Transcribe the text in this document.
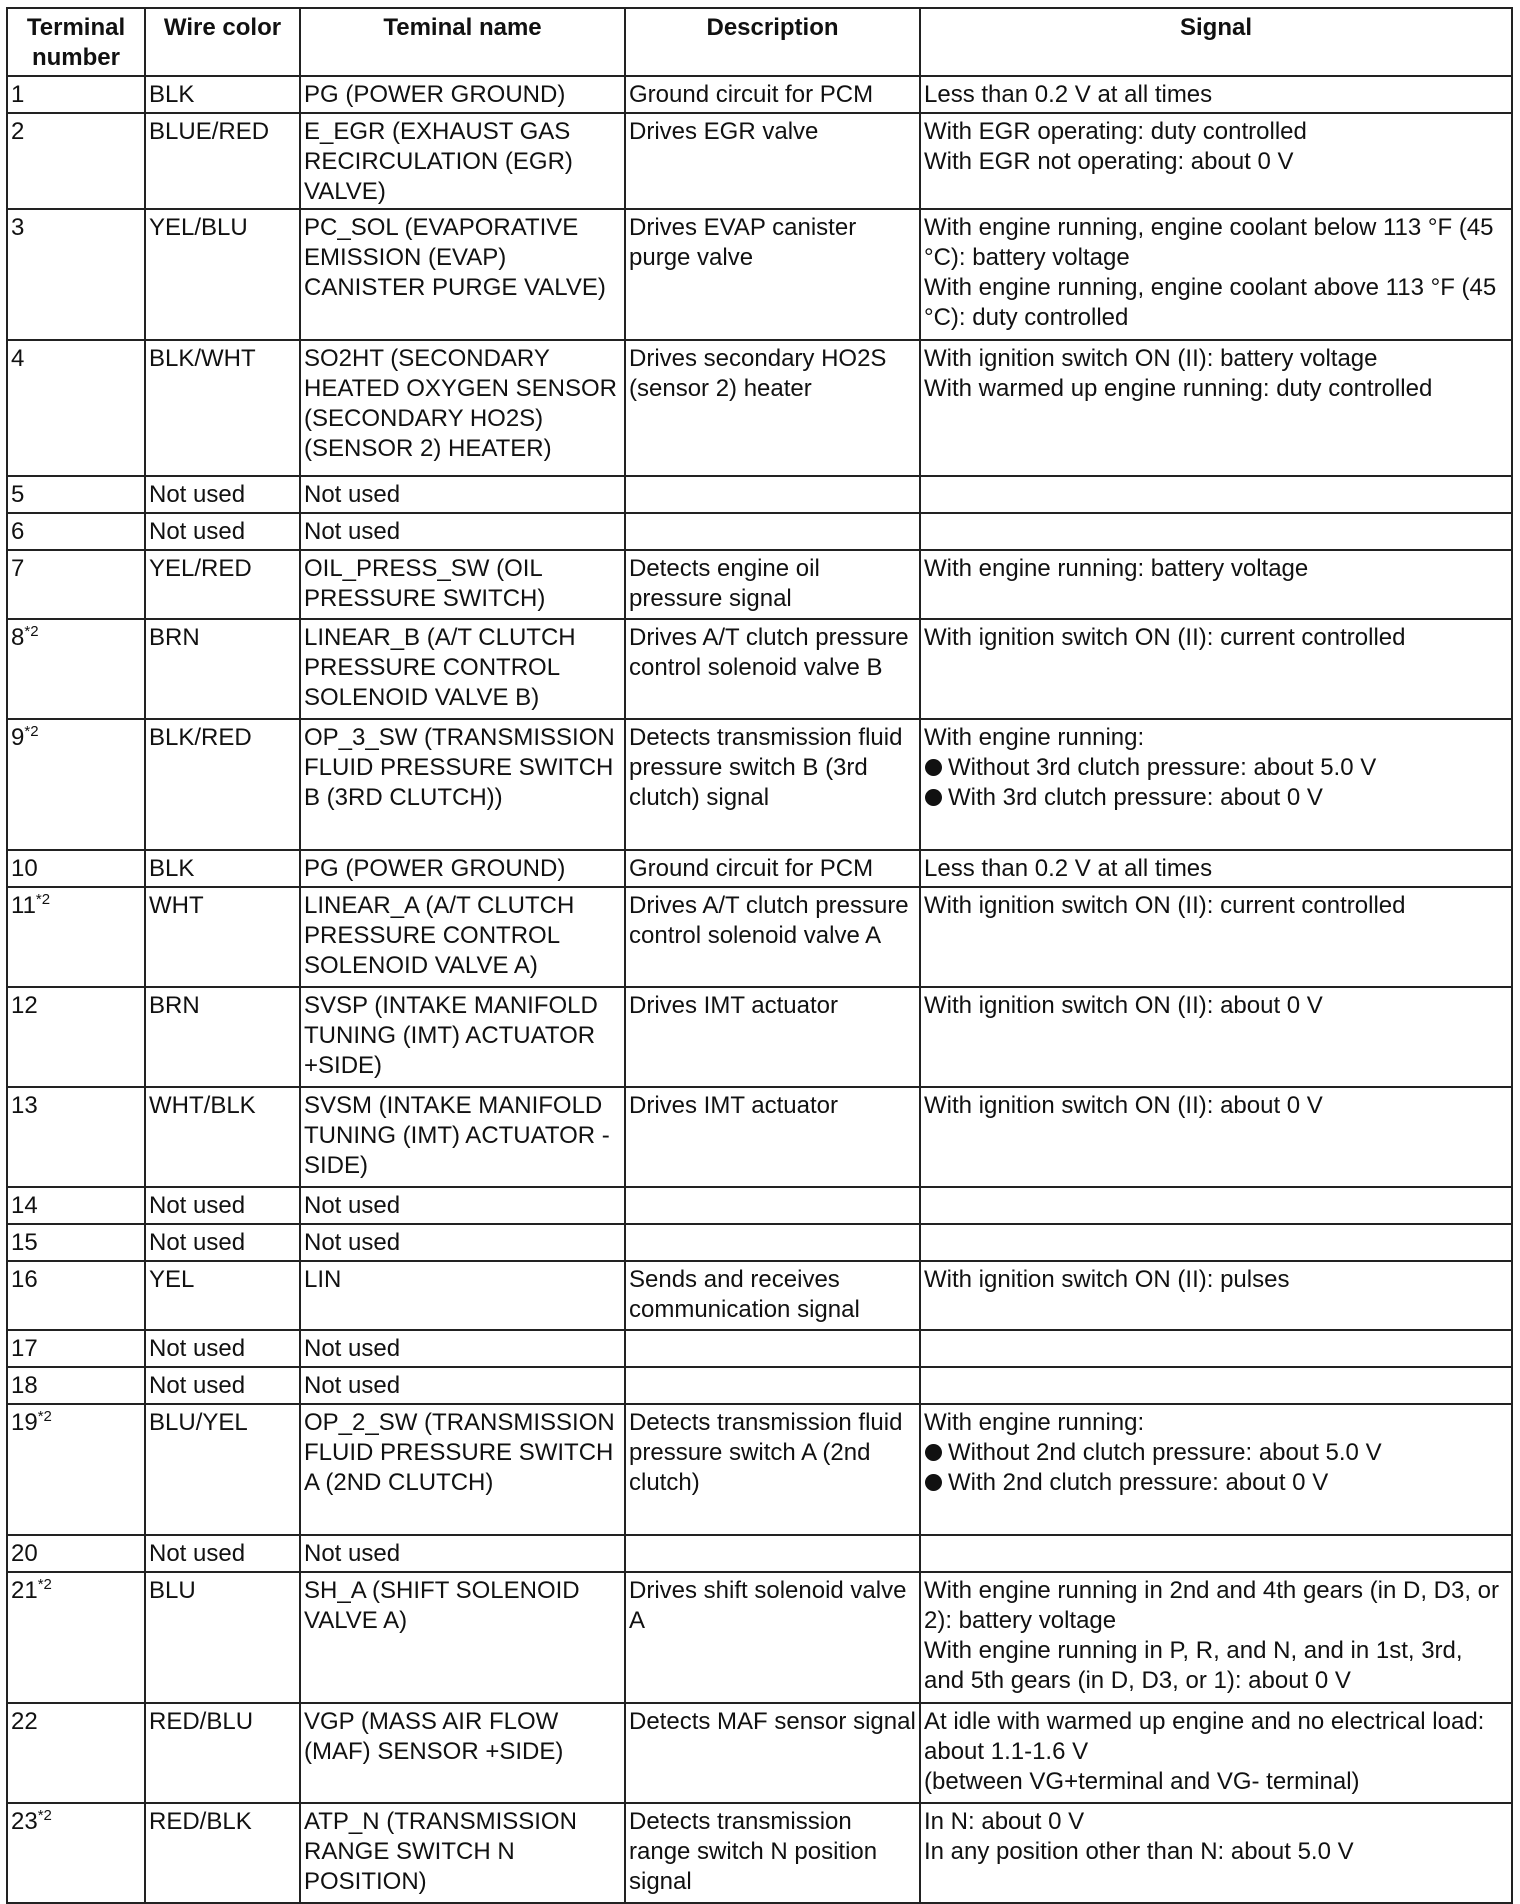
Terminal number	Wire color	Teminal name	Description	Signal
1	BLK	PG (POWER GROUND)	Ground circuit for PCM	Less than 0.2 V at all times

2	BLUE/RED	E_EGR (EXHAUST GAS RECIRCULATION (EGR) VALVE)	Drives EGR valve	With EGR operating: duty controlled
With EGR not operating: about 0 V

3	YEL/BLU	PC_SOL (EVAPORATIVE EMISSION (EVAP) CANISTER PURGE VALVE)	Drives EVAP canister purge valve	With engine running, engine coolant below 113 °F (45 °C): battery voltage
With engine running, engine coolant above 113 °F (45 °C): duty controlled

4	BLK/WHT	SO2HT (SECONDARY HEATED OXYGEN SENSOR (SECONDARY HO2S) (SENSOR 2) HEATER)	Drives secondary HO2S (sensor 2) heater	With ignition switch ON (II): battery voltage
With warmed up engine running: duty controlled

5	Not used	Not used		
6	Not used	Not used		
7	YEL/RED	OIL_PRESS_SW (OIL PRESSURE SWITCH)	Detects engine oil pressure signal	With engine running: battery voltage

8$^{*2}$	BRN	LINEAR_B (A/T CLUTCH PRESSURE CONTROL SOLENOID VALVE B)	Drives A/T clutch pressure control solenoid valve B	With ignition switch ON (II): current controlled

9$^{*2}$	BLK/RED	OP_3_SW (TRANSMISSION FLUID PRESSURE SWITCH B (3RD CLUTCH))	Detects transmission fluid pressure switch B (3rd clutch) signal	With engine running:
Without 3rd clutch pressure: about 5.0 V
With 3rd clutch pressure: about 0 V

10	BLK	PG (POWER GROUND)	Ground circuit for PCM	Less than 0.2 V at all times

11$^{*2}$	WHT	LINEAR_A (A/T CLUTCH PRESSURE CONTROL SOLENOID VALVE A)	Drives A/T clutch pressure control solenoid valve A	With ignition switch ON (II): current controlled

12	BRN	SVSP (INTAKE MANIFOLD TUNING (IMT) ACTUATOR +SIDE)	Drives IMT actuator	With ignition switch ON (II): about 0 V

13	WHT/BLK	SVSM (INTAKE MANIFOLD TUNING (IMT) ACTUATOR -SIDE)	Drives IMT actuator	With ignition switch ON (II): about 0 V

14	Not used	Not used		
15	Not used	Not used		
16	YEL	LIN	Sends and receives communication signal	With ignition switch ON (II): pulses

17	Not used	Not used		
18	Not used	Not used		
19$^{*2}$	BLU/YEL	OP_2_SW (TRANSMISSION FLUID PRESSURE SWITCH A (2ND CLUTCH)	Detects transmission fluid pressure switch A (2nd clutch)	With engine running:
Without 2nd clutch pressure: about 5.0 V
With 2nd clutch pressure: about 0 V

20	Not used	Not used		
21$^{*2}$	BLU	SH_A (SHIFT SOLENOID VALVE A)	Drives shift solenoid valve A	With engine running in 2nd and 4th gears (in D, D3, or 2): battery voltage
With engine running in P, R, and N, and in 1st, 3rd, and 5th gears (in D, D3, or 1): about 0 V

22	RED/BLU	VGP (MASS AIR FLOW (MAF) SENSOR +SIDE)	Detects MAF sensor signal	At idle with warmed up engine and no electrical load: about 1.1-1.6 V
(between VG+terminal and VG- terminal)

23$^{*2}$	RED/BLK	ATP_N (TRANSMISSION RANGE SWITCH N POSITION)	Detects transmission range switch N position signal	In N: about 0 V
In any position other than N: about 5.0 V
